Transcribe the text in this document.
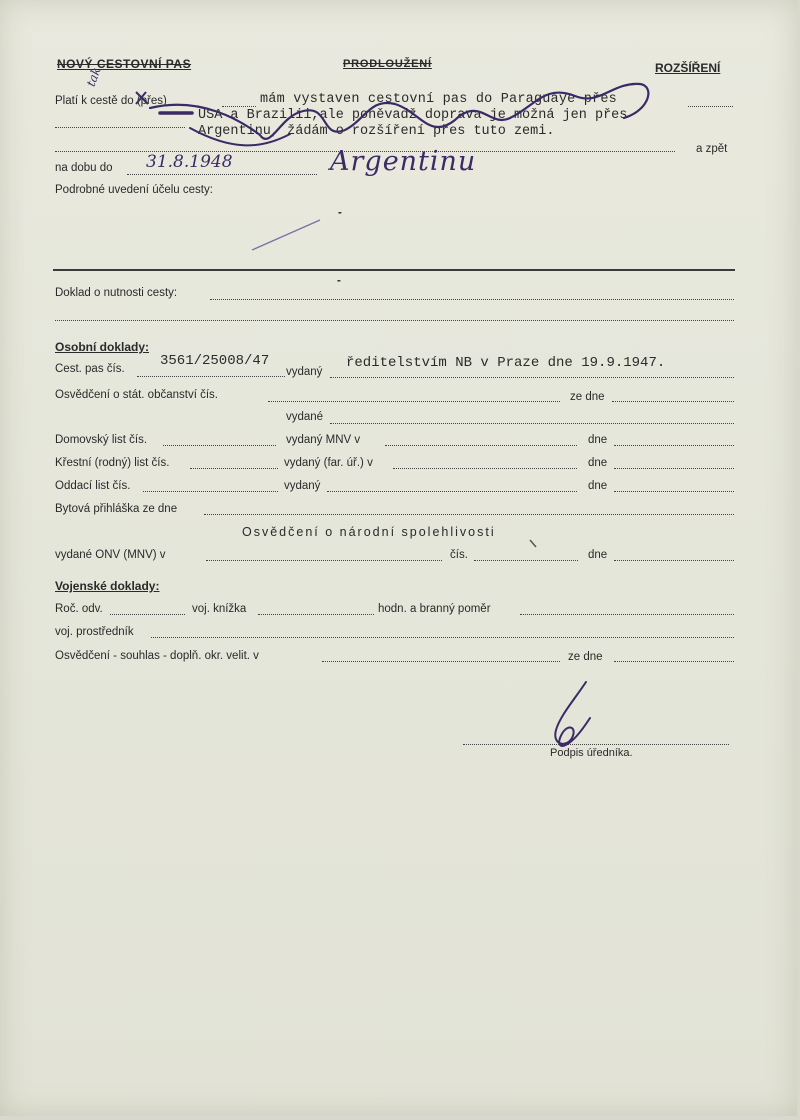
NOVÝ CESTOVNÍ PAS	PRODLOUŽENÍ	ROZŠÍŘENÍ
Platí k cestě do (přes)
tak
mám vystaven cestovní pas do Paraguaye přes
USA a Brazilii,ale poněvadž doprava je možná jen přes
Argentinu, žádám o rozšíření přes tuto zemi.
a zpět
na dobu do 31.8.1948	Argentinu
Podrobné uvedení účelu cesty:
-
-
Doklad o nutnosti cesty:
Osobní doklady:
Cest. pas čís.	3561/25008/47
vydaný
ředitelstvím NB v Praze dne 19.9.1947.
Osvědčení o stát. občanství čís.	ze dne
vydané
Domovský list čís.	vydaný MNV v	dne
Křestní (rodný) list čís.	vydaný (far. úř.) v	dne
Oddací list čís.	vydaný	dne
Bytová přihláška ze dne
Osvědčení o národní spolehlivosti
vydané ONV (MNV) v	čís.	dne
Vojenské doklady:
Roč. odv.	voj. knížka	hodn. a branný poměr
voj. prostředník
Osvědčení - souhlas - doplň. okr. velit. v	ze dne
Podpis úředníka.
